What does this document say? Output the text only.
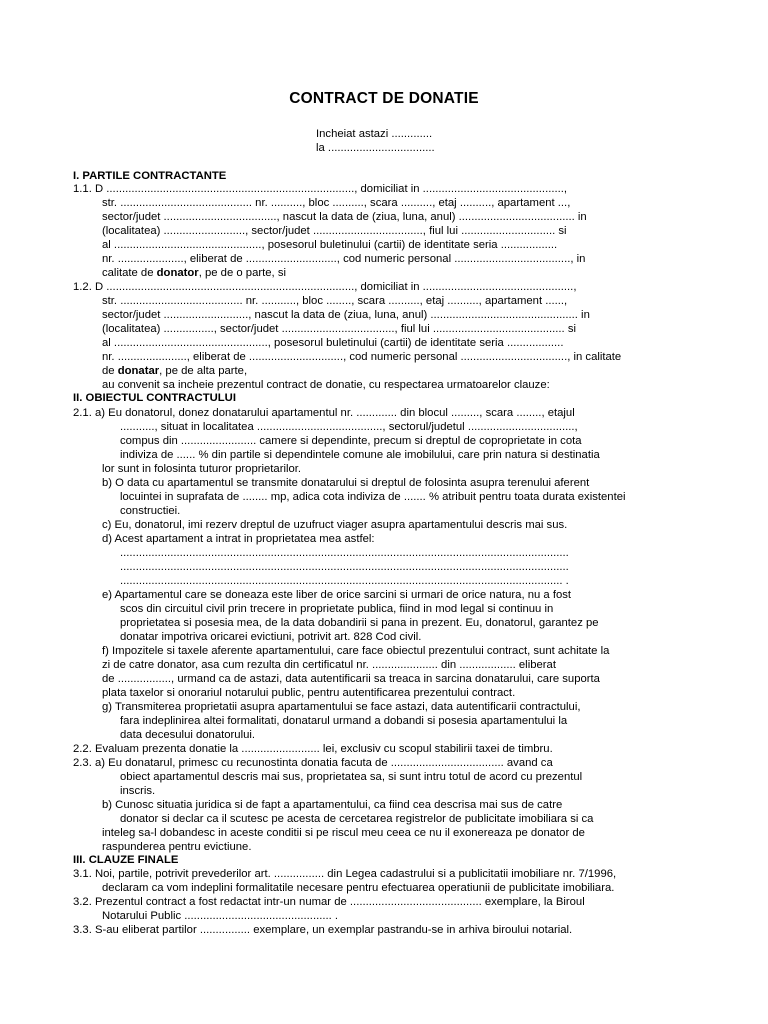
CONTRACT DE DONATIE
Incheiat astazi .............
la ..................................
I. PARTILE CONTRACTANTE
1.1. D ..............................................................................., domiciliat in .............................................,
str. .......................................... nr. .........., bloc .........., scara .........., etaj .........., apartament ...,
sector/judet ...................................., nascut la data de (ziua, luna, anul) ..................................... in
(localitatea) .........................., sector/judet ..................................., fiul lui .............................. si
al ..............................................., posesorul buletinului (cartii) de identitate seria ..................
nr. ....................., eliberat de ............................., cod numeric personal ....................................., in
calitate de donator, pe de o parte, si
1.2. D ..............................................................................., domiciliat in ................................................,
str. ....................................... nr. ..........., bloc ........, scara .........., etaj .........., apartament ......,
sector/judet ..........................., nascut la data de (ziua, luna, anul) ............................................... in
(localitatea) ................, sector/judet ...................................., fiul lui .......................................... si
al ................................................., posesorul buletinului (cartii) de identitate seria ..................
nr. ......................, eliberat de .............................., cod numeric personal .................................., in calitate
de donatar, pe de alta parte,
au convenit sa incheie prezentul contract de donatie, cu respectarea urmatoarelor clauze:
II. OBIECTUL CONTRACTULUI
2.1. a) Eu donatorul, donez donatarului apartamentul nr. ............. din blocul ........., scara ........, etajul
..........., situat in localitatea ........................................, sectorul/judetul ..................................,
compus din ........................ camere si dependinte, precum si dreptul de coproprietate in cota
indiviza de ...... % din partile si dependintele comune ale imobilului, care prin natura si destinatia
lor sunt in folosinta tuturor proprietarilor.
b) O data cu apartamentul se transmite donatarului si dreptul de folosinta asupra terenului aferent
locuintei in suprafata de ........ mp, adica cota indiviza de ....... % atribuit pentru toata durata existentei
constructiei.
c) Eu, donatorul, imi rezerv dreptul de uzufruct viager asupra apartamentului descris mai sus.
d) Acest apartament a intrat in proprietatea mea astfel:
...............................................................................................................................................
...............................................................................................................................................
............................................................................................................................................. .
e) Apartamentul care se doneaza este liber de orice sarcini si urmari de orice natura, nu a fost
scos din circuitul civil prin trecere in proprietate publica, fiind in mod legal si continuu in
proprietatea si posesia mea, de la data dobandirii si pana in prezent. Eu, donatorul, garantez pe
donatar impotriva oricarei evictiuni, potrivit art. 828 Cod civil.
f) Impozitele si taxele aferente apartamentului, care face obiectul prezentului contract, sunt achitate la
zi de catre donator, asa cum rezulta din certificatul nr. ..................... din .................. eliberat
de ................., urmand ca de astazi, data autentificarii sa treaca in sarcina donatarului, care suporta
plata taxelor si onorariul notarului public, pentru autentificarea prezentului contract.
g) Transmiterea proprietatii asupra apartamentului se face astazi, data autentificarii contractului,
fara indeplinirea altei formalitati, donatarul urmand a dobandi si posesia apartamentului la
data decesului donatorului.
2.2. Evaluam prezenta donatie la ......................... lei, exclusiv cu scopul stabilirii taxei de timbru.
2.3. a) Eu donatarul, primesc cu recunostinta donatia facuta de .................................... avand ca
obiect apartamentul descris mai sus, proprietatea sa, si sunt intru totul de acord cu prezentul
inscris.
b) Cunosc situatia juridica si de fapt a apartamentului, ca fiind cea descrisa mai sus de catre
donator si declar ca il scutesc pe acesta de cercetarea registrelor de publicitate imobiliara si ca
inteleg sa-l dobandesc in aceste conditii si pe riscul meu ceea ce nu il exonereaza pe donator de
raspunderea pentru evictiune.
III. CLAUZE FINALE
3.1. Noi, partile, potrivit prevederilor art. ................ din Legea cadastrului si a publicitatii imobiliare nr. 7/1996,
declaram ca vom indeplini formalitatile necesare pentru efectuarea operatiunii de publicitate imobiliara.
3.2. Prezentul contract a fost redactat intr-un numar de .......................................... exemplare, la Biroul
Notarului Public ............................................... .
3.3. S-au eliberat partilor ................ exemplare, un exemplar pastrandu-se in arhiva biroului notarial.
